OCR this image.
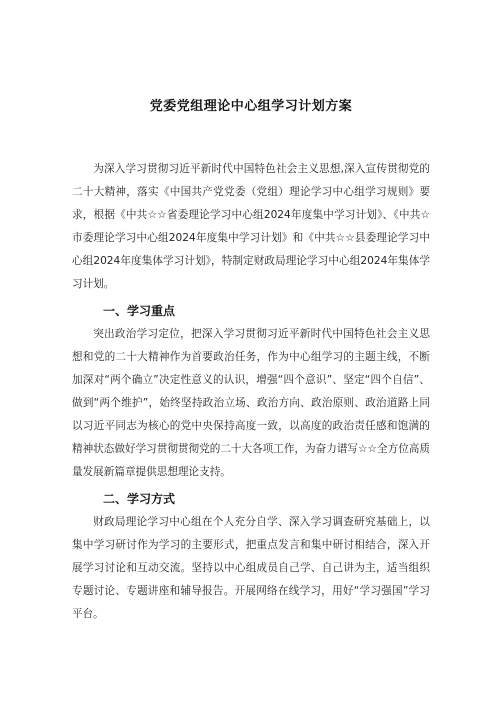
党委党组理论中心组学习计划方案

为深入学习贯彻习近平新时代中国特色社会主义思想,深入宣传贯彻党的二十大精神，落实《中国共产党党委（党组）理论学习中心组学习规则》要求，根据《中共☆☆省委理论学习中心组2024年度集中学习计划》、《中共☆市委理论学习中心组2024年度集中学习计划》和《中共☆☆县委理论学习中心组2024年度集体学习计划》，特制定财政局理论学习中心组2024年集体学习计划。

一、学习重点

突出政治学习定位，把深入学习贯彻习近平新时代中国特色社会主义思想和党的二十大精神作为首要政治任务，作为中心组学习的主题主线，不断加深对“两个确立”决定性意义的认识，增强“四个意识”、坚定“四个自信”、做到“两个维护”，始终坚持政治立场、政治方向、政治原则、政治道路上同以习近平同志为核心的党中央保持高度一致，以高度的政治责任感和饱满的精神状态做好学习贯彻贯彻党的二十大各项工作，为奋力谱写☆☆全方位高质量发展新篇章提供思想理论支持。

二、学习方式

财政局理论学习中心组在个人充分自学、深入学习调查研究基础上，以集中学习研讨作为学习的主要形式，把重点发言和集中研讨相结合，深入开展学习讨论和互动交流。坚持以中心组成员自己学、自己讲为主，适当组织专题讨论、专题讲座和辅导报告。开展网络在线学习，用好“学习强国”学习平台。
